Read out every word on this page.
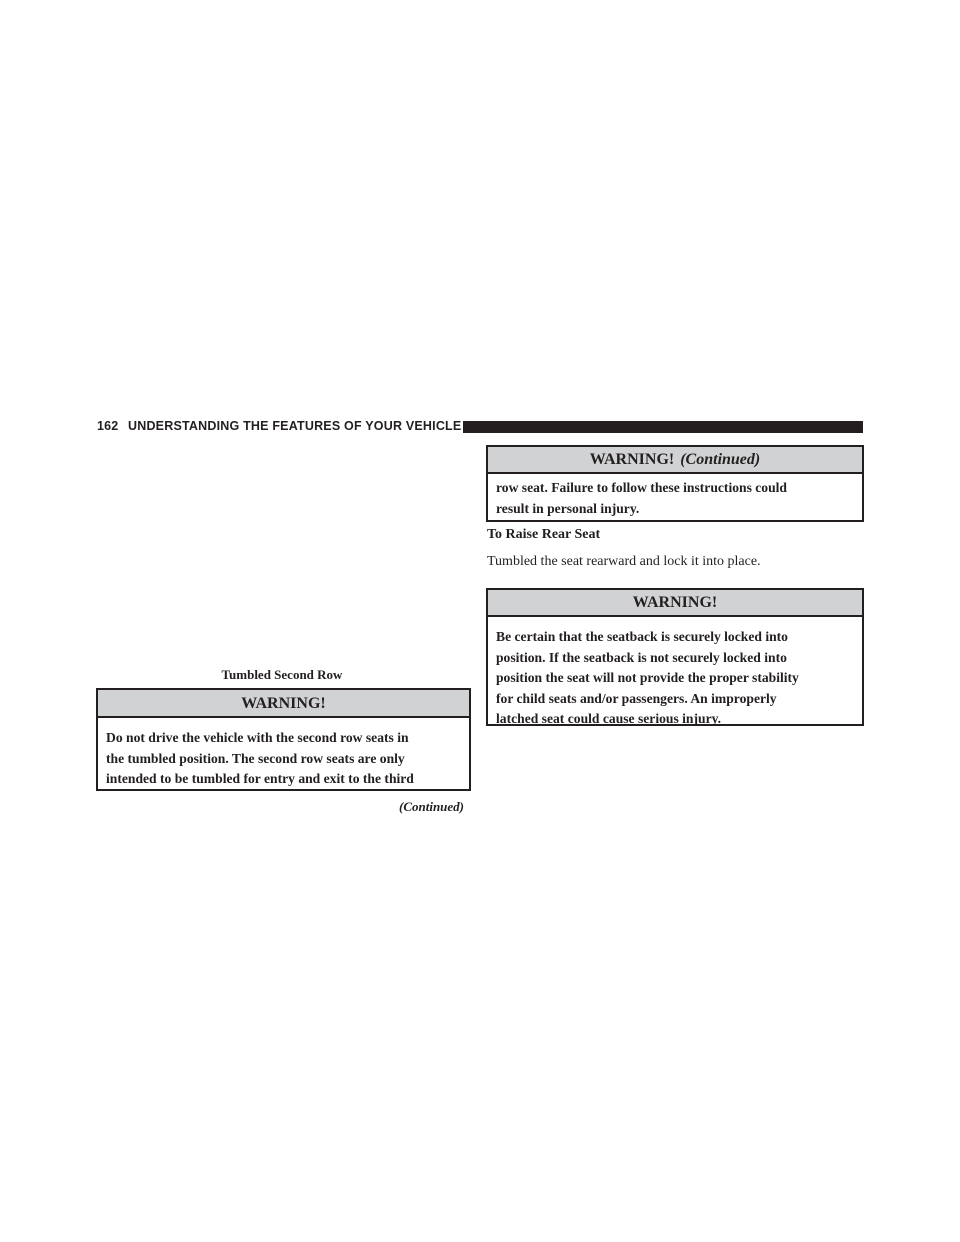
162 UNDERSTANDING THE FEATURES OF YOUR VEHICLE
Tumbled Second Row
WARNING!
Do not drive the vehicle with the second row seats in
the tumbled position. The second row seats are only
intended to be tumbled for entry and exit to the third
(Continued)
WARNING! (Continued)
row seat. Failure to follow these instructions could
result in personal injury.
To Raise Rear Seat
Tumbled the seat rearward and lock it into place.
WARNING!
Be certain that the seatback is securely locked into
position. If the seatback is not securely locked into
position the seat will not provide the proper stability
for child seats and/or passengers. An improperly
latched seat could cause serious injury.
